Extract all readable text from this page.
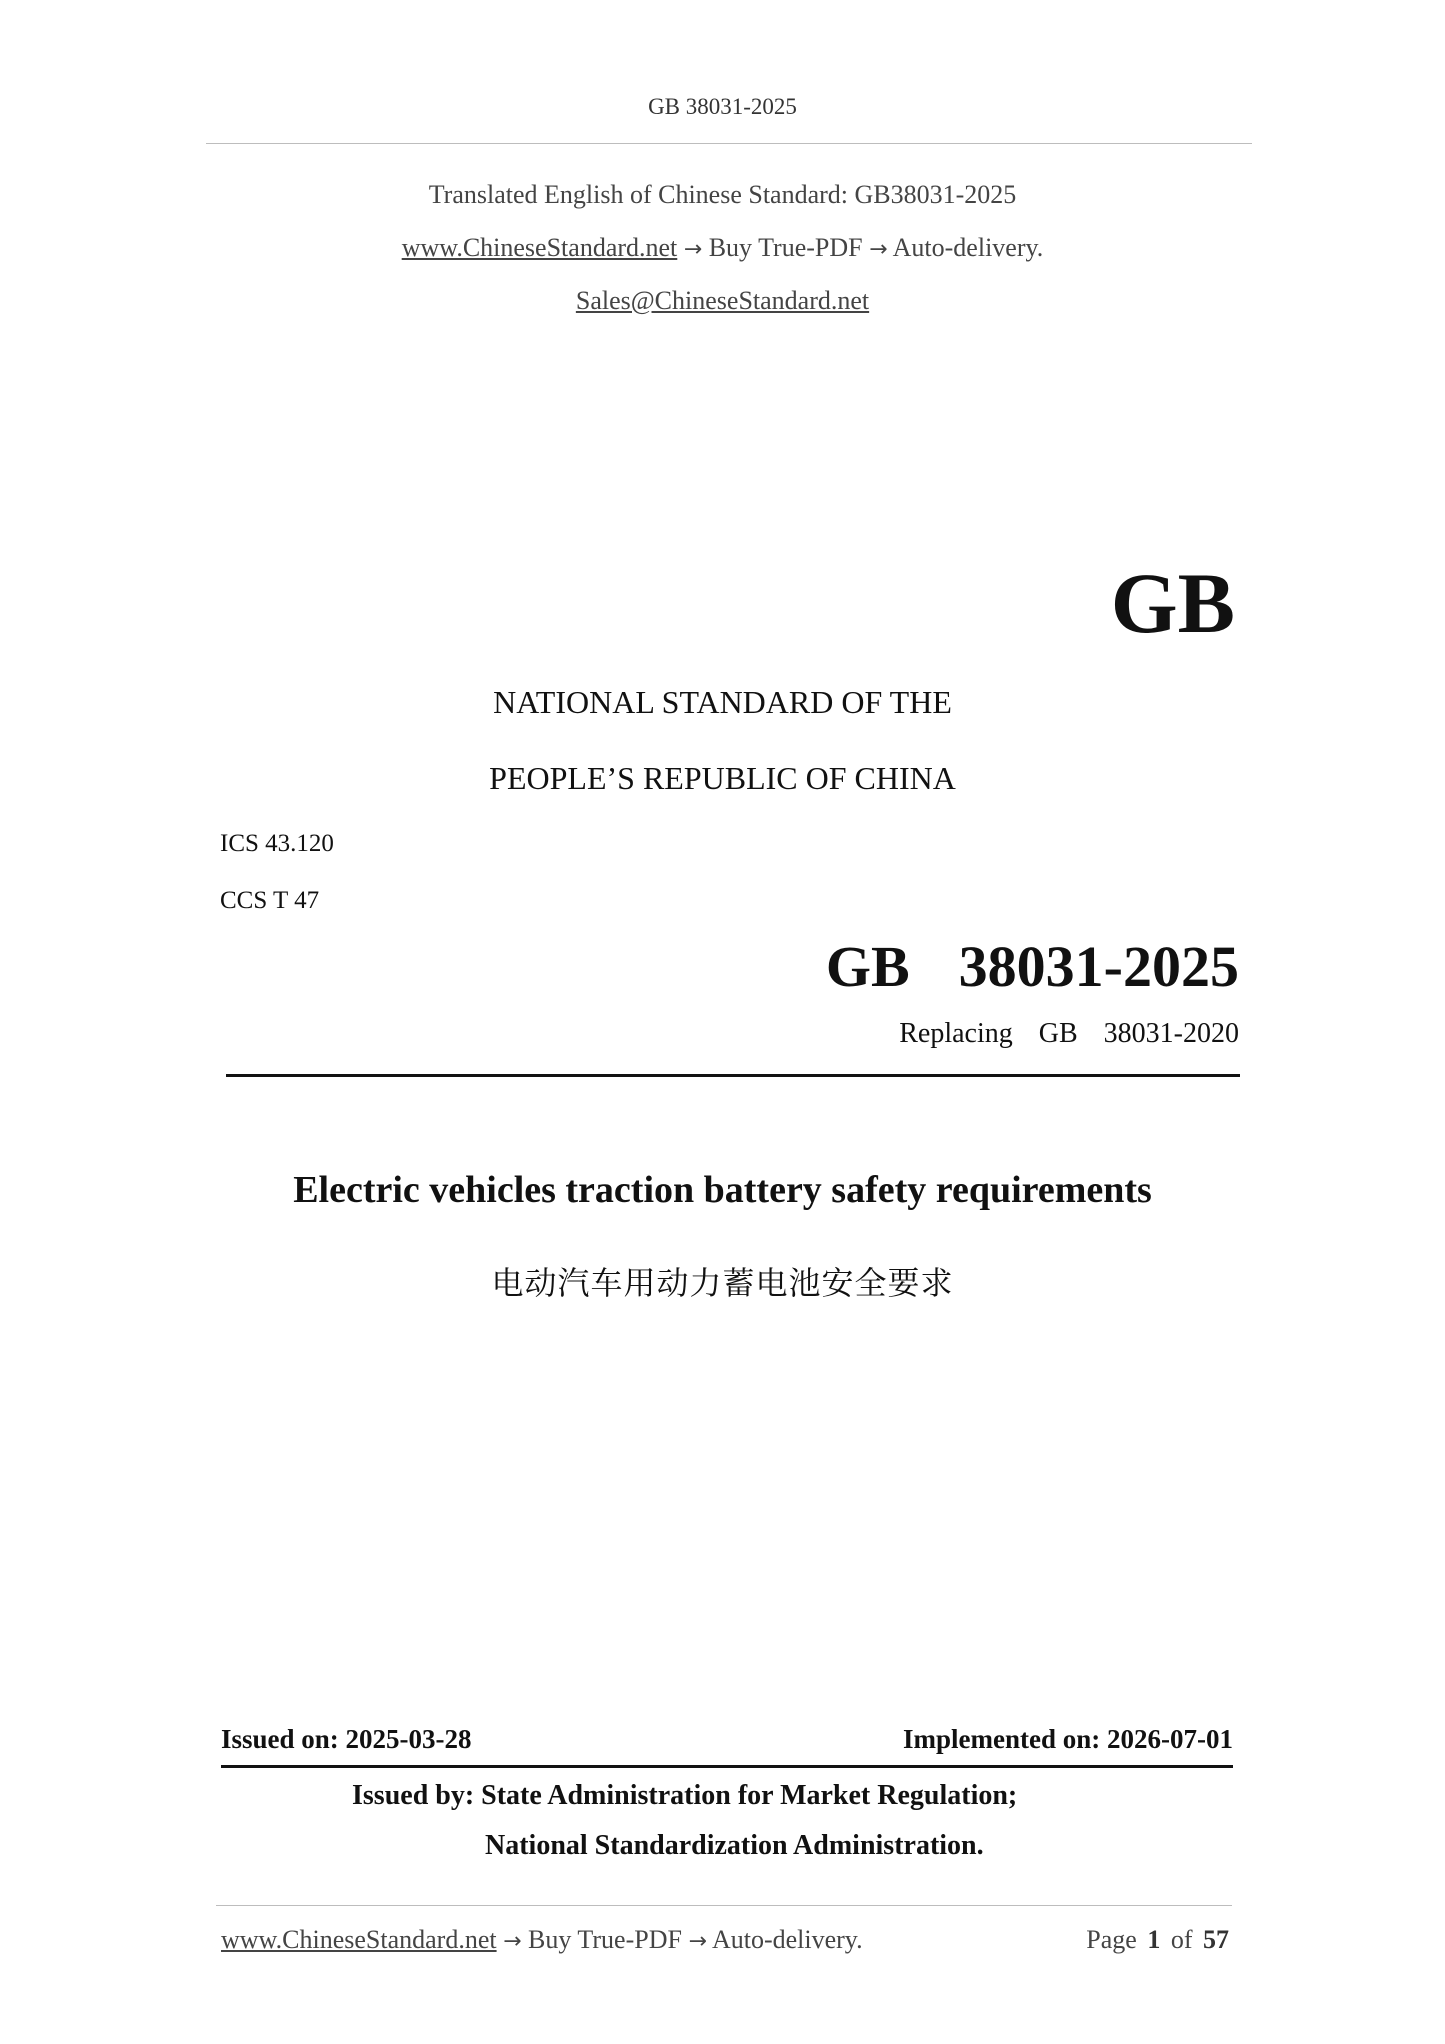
GB 38031-2025
Translated English of Chinese Standard: GB38031-2025
www.ChineseStandard.net → Buy True-PDF → Auto-delivery.
Sales@ChineseStandard.net
GB
NATIONAL STANDARD OF THE
PEOPLE’S REPUBLIC OF CHINA
ICS 43.120
CCS T 47
GB  38031-2025
Replacing  GB  38031-2020
Electric vehicles traction battery safety requirements
电动汽车用动力蓄电池安全要求
Issued on: 2025-03-28	Implemented on: 2026-07-01
Issued by: State Administration for Market Regulation;
National Standardization Administration.
www.ChineseStandard.net → Buy True-PDF → Auto-delivery.	Page 1 of 57
